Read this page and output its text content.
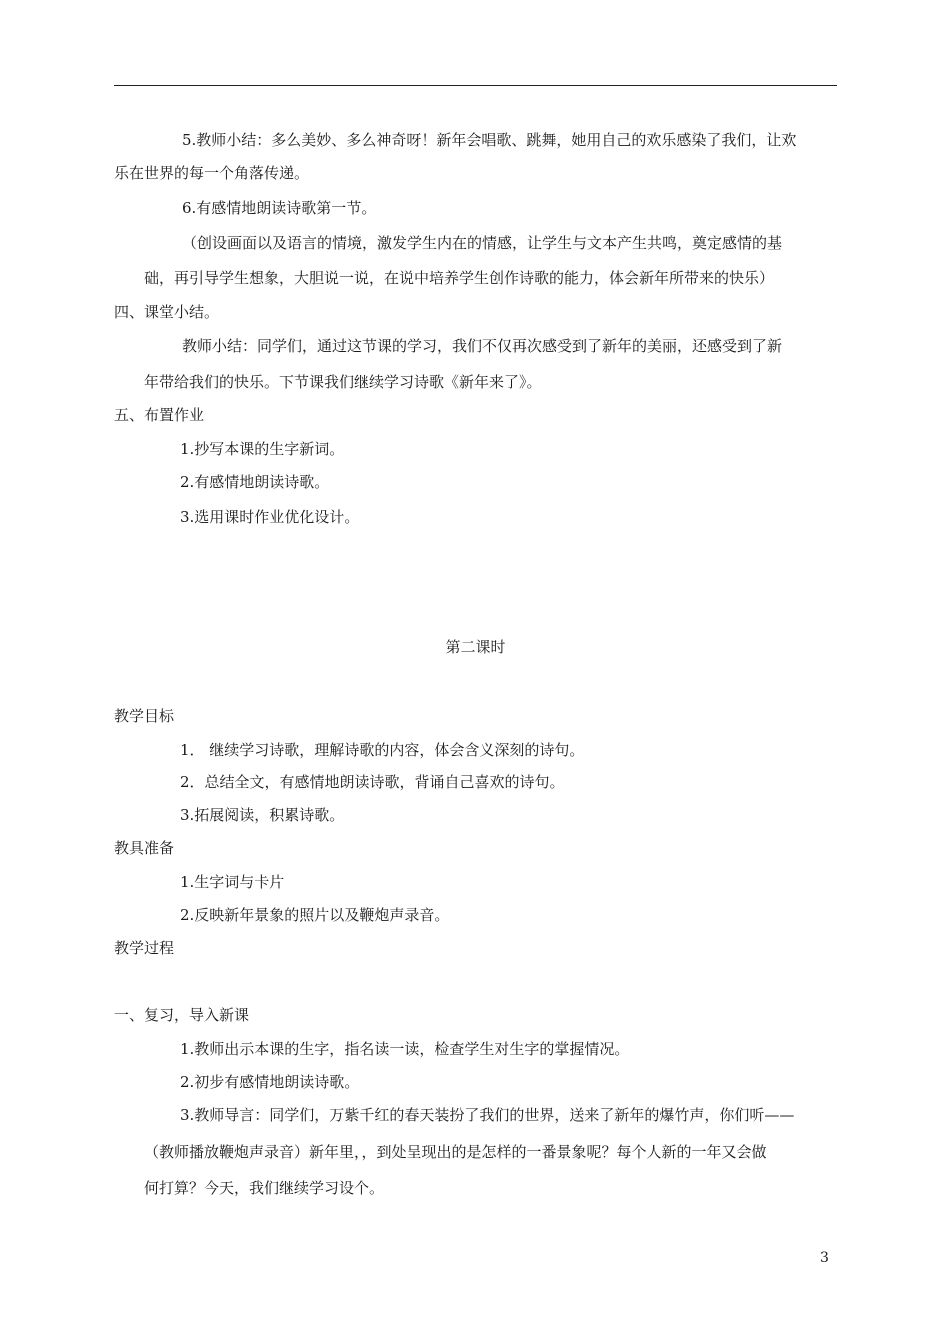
5.教师小结：多么美妙、多么神奇呀！新年会唱歌、跳舞，她用自己的欢乐感染了我们，让欢
乐在世界的每一个角落传递。
6.有感情地朗读诗歌第一节。
（创设画面以及语言的情境，激发学生内在的情感，让学生与文本产生共鸣，奠定感情的基
础，再引导学生想象，大胆说一说，在说中培养学生创作诗歌的能力，体会新年所带来的快乐）
四、课堂小结。
教师小结：同学们，通过这节课的学习，我们不仅再次感受到了新年的美丽，还感受到了新
年带给我们的快乐。下节课我们继续学习诗歌《新年来了》。
五、布置作业
1.抄写本课的生字新词。
2.有感情地朗读诗歌。
3.选用课时作业优化设计。
第二课时
教学目标
1． 继续学习诗歌，理解诗歌的内容，体会含义深刻的诗句。
2．总结全文，有感情地朗读诗歌，背诵自己喜欢的诗句。
3.拓展阅读，积累诗歌。
教具准备
1.生字词与卡片
2.反映新年景象的照片以及鞭炮声录音。
教学过程
一、复习，导入新课
1.教师出示本课的生字，指名读一读，检查学生对生字的掌握情况。
2.初步有感情地朗读诗歌。
3.教师导言：同学们，万紫千红的春天装扮了我们的世界，送来了新年的爆竹声，你们听——
（教师播放鞭炮声录音）新年里，，到处呈现出的是怎样的一番景象呢？每个人新的一年又会做
何打算？今天，我们继续学习设个。
3
